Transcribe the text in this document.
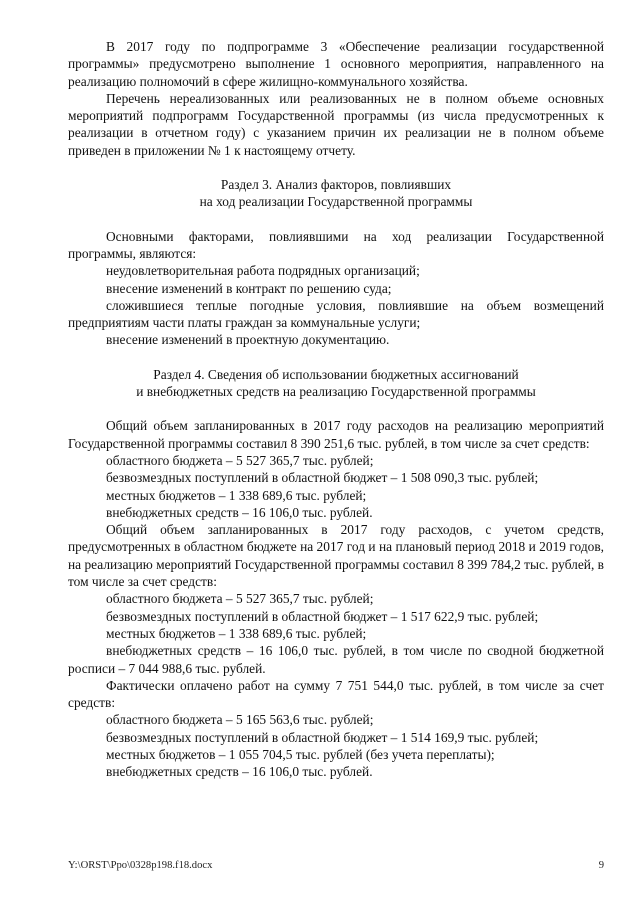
В 2017 году по подпрограмме 3 «Обеспечение реализации государственной программы» предусмотрено выполнение 1 основного мероприятия, направленного на реализацию полномочий в сфере жилищно-коммунального хозяйства.

Перечень нереализованных или реализованных не в полном объеме основных мероприятий подпрограмм Государственной программы (из числа предусмотренных к реализации в отчетном году) с указанием причин их реализации не в полном объеме приведен в приложении № 1 к настоящему отчету.

Раздел 3. Анализ факторов, повлиявших

на ход реализации Государственной программы

Основными факторами, повлиявшими на ход реализации Государственной программы, являются:

неудовлетворительная работа подрядных организаций;

внесение изменений в контракт по решению суда;

сложившиеся теплые погодные условия, повлиявшие на объем возмещений предприятиям части платы граждан за коммунальные услуги;

внесение изменений в проектную документацию.

Раздел 4. Сведения об использовании бюджетных ассигнований

и внебюджетных средств на реализацию Государственной программы

Общий объем запланированных в 2017 году расходов на реализацию мероприятий Государственной программы составил 8 390 251,6 тыс. рублей, в том числе за счет средств:

областного бюджета – 5 527 365,7 тыс. рублей;

безвозмездных поступлений в областной бюджет – 1 508 090,3 тыс. рублей;

местных бюджетов – 1 338 689,6 тыс. рублей;

внебюджетных средств – 16 106,0 тыс. рублей.

Общий объем запланированных в 2017 году расходов, с учетом средств, предусмотренных в областном бюджете на 2017 год и на плановый период 2018 и 2019 годов, на реализацию мероприятий Государственной программы составил 8 399 784,2 тыс. рублей, в том числе за счет средств:

областного бюджета – 5 527 365,7 тыс. рублей;

безвозмездных поступлений в областной бюджет – 1 517 622,9 тыс. рублей;

местных бюджетов – 1 338 689,6 тыс. рублей;

внебюджетных средств – 16 106,0 тыс. рублей, в том числе по сводной бюджетной росписи – 7 044 988,6 тыс. рублей.

Фактически оплачено работ на сумму 7 751 544,0 тыс. рублей, в том числе за счет средств:

областного бюджета – 5 165 563,6 тыс. рублей;

безвозмездных поступлений в областной бюджет – 1 514 169,9 тыс. рублей;

местных бюджетов – 1 055 704,5 тыс. рублей (без учета переплаты);

внебюджетных средств – 16 106,0 тыс. рублей.

Y:\ORST\Ppo\0328p198.f18.docx	9
